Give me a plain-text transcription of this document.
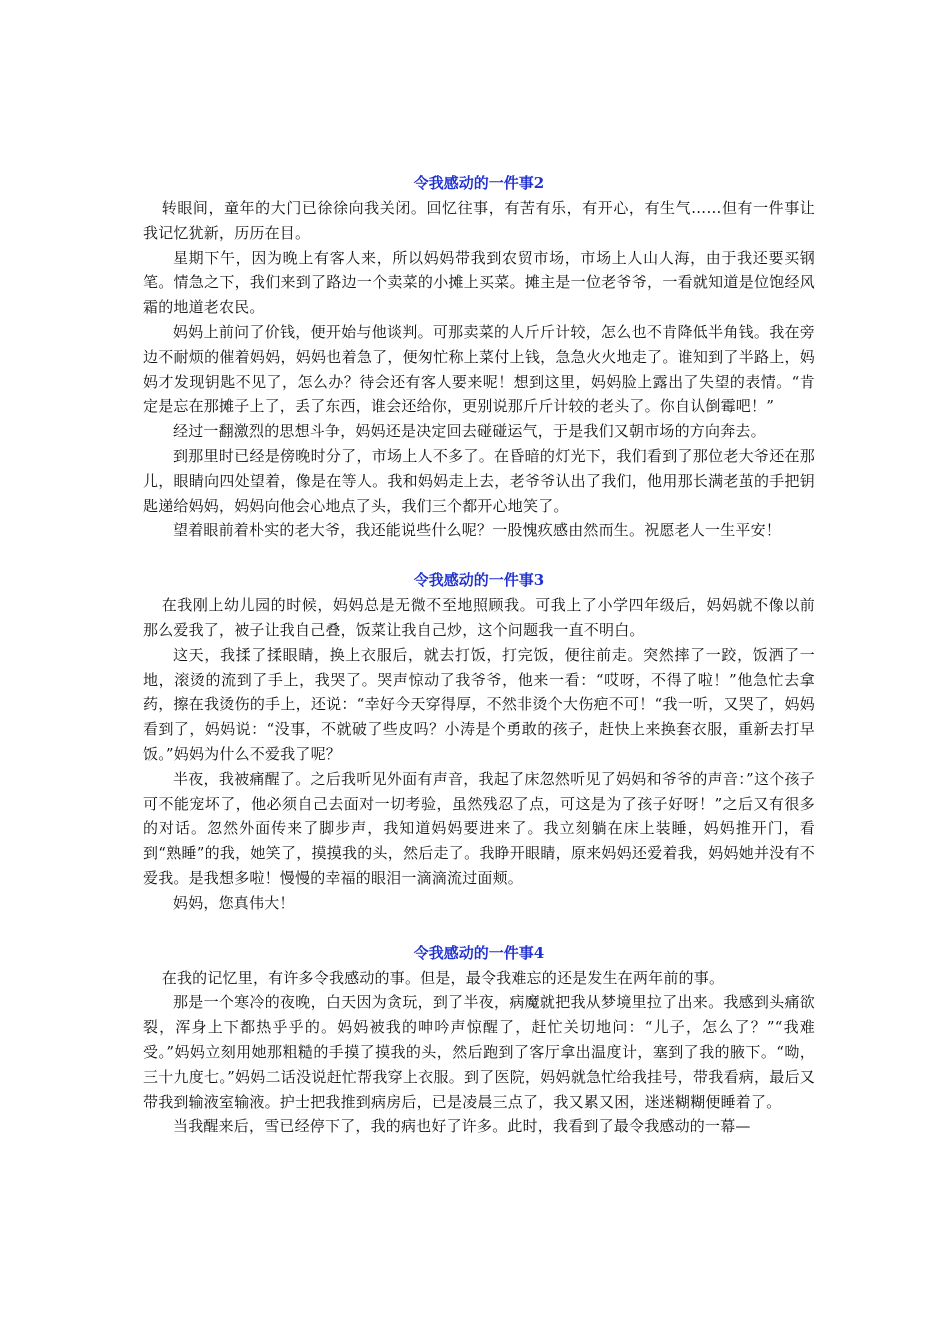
令我感动的一件事2

转眼间，童年的大门已徐徐向我关闭。回忆往事，有苦有乐，有开心，有生气……但有一件事让我记忆犹新，历历在目。

星期下午，因为晚上有客人来，所以妈妈带我到农贸市场，市场上人山人海，由于我还要买钢笔。情急之下，我们来到了路边一个卖菜的小摊上买菜。摊主是一位老爷爷，一看就知道是位饱经风霜的地道老农民。

妈妈上前问了价钱，便开始与他谈判。可那卖菜的人斤斤计较，怎么也不肯降低半角钱。我在旁边不耐烦的催着妈妈，妈妈也着急了，便匆忙称上菜付上钱，急急火火地走了。谁知到了半路上，妈妈才发现钥匙不见了，怎么办？待会还有客人要来呢！想到这里，妈妈脸上露出了失望的表情。“肯定是忘在那摊子上了，丢了东西，谁会还给你，更别说那斤斤计较的老头了。你自认倒霉吧！”

经过一翻激烈的思想斗争，妈妈还是决定回去碰碰运气，于是我们又朝市场的方向奔去。

到那里时已经是傍晚时分了，市场上人不多了。在昏暗的灯光下，我们看到了那位老大爷还在那儿，眼睛向四处望着，像是在等人。我和妈妈走上去，老爷爷认出了我们，他用那长满老茧的手把钥匙递给妈妈，妈妈向他会心地点了头，我们三个都开心地笑了。

望着眼前着朴实的老大爷，我还能说些什么呢？一股愧疚感由然而生。祝愿老人一生平安！

令我感动的一件事3

在我刚上幼儿园的时候，妈妈总是无微不至地照顾我。可我上了小学四年级后，妈妈就不像以前那么爱我了，被子让我自己叠，饭菜让我自己炒，这个问题我一直不明白。

这天，我揉了揉眼睛，换上衣服后，就去打饭，打完饭，便往前走。突然摔了一跤，饭洒了一地，滚烫的流到了手上，我哭了。哭声惊动了我爷爷，他来一看：“哎呀，不得了啦！”他急忙去拿药，擦在我烫伤的手上，还说：“幸好今天穿得厚，不然非烫个大伤疤不可！“我一听，又哭了，妈妈看到了，妈妈说：“没事，不就破了些皮吗？小涛是个勇敢的孩子，赶快上来换套衣服，重新去打早饭。”妈妈为什么不爱我了呢？

半夜，我被痛醒了。之后我听见外面有声音，我起了床忽然听见了妈妈和爷爷的声音：”这个孩子可不能宠坏了，他必须自己去面对一切考验，虽然残忍了点，可这是为了孩子好呀！”之后又有很多的对话。忽然外面传来了脚步声，我知道妈妈要进来了。我立刻躺在床上装睡，妈妈推开门，看到“熟睡”的我，她笑了，摸摸我的头，然后走了。我睁开眼睛，原来妈妈还爱着我，妈妈她并没有不爱我。是我想多啦！慢慢的幸福的眼泪一滴滴流过面颊。

妈妈，您真伟大！

令我感动的一件事4

在我的记忆里，有许多令我感动的事。但是，最令我难忘的还是发生在两年前的事。

那是一个寒冷的夜晚，白天因为贪玩，到了半夜，病魔就把我从梦境里拉了出来。我感到头痛欲裂，浑身上下都热乎乎的。妈妈被我的呻吟声惊醒了，赶忙关切地问：“儿子，怎么了？”“我难受。”妈妈立刻用她那粗糙的手摸了摸我的头，然后跑到了客厅拿出温度计，塞到了我的腋下。“呦，三十九度七。”妈妈二话没说赶忙帮我穿上衣服。到了医院，妈妈就急忙给我挂号，带我看病，最后又带我到输液室输液。护士把我推到病房后，已是凌晨三点了，我又累又困，迷迷糊糊便睡着了。

当我醒来后，雪已经停下了，我的病也好了许多。此时，我看到了最令我感动的一幕—
